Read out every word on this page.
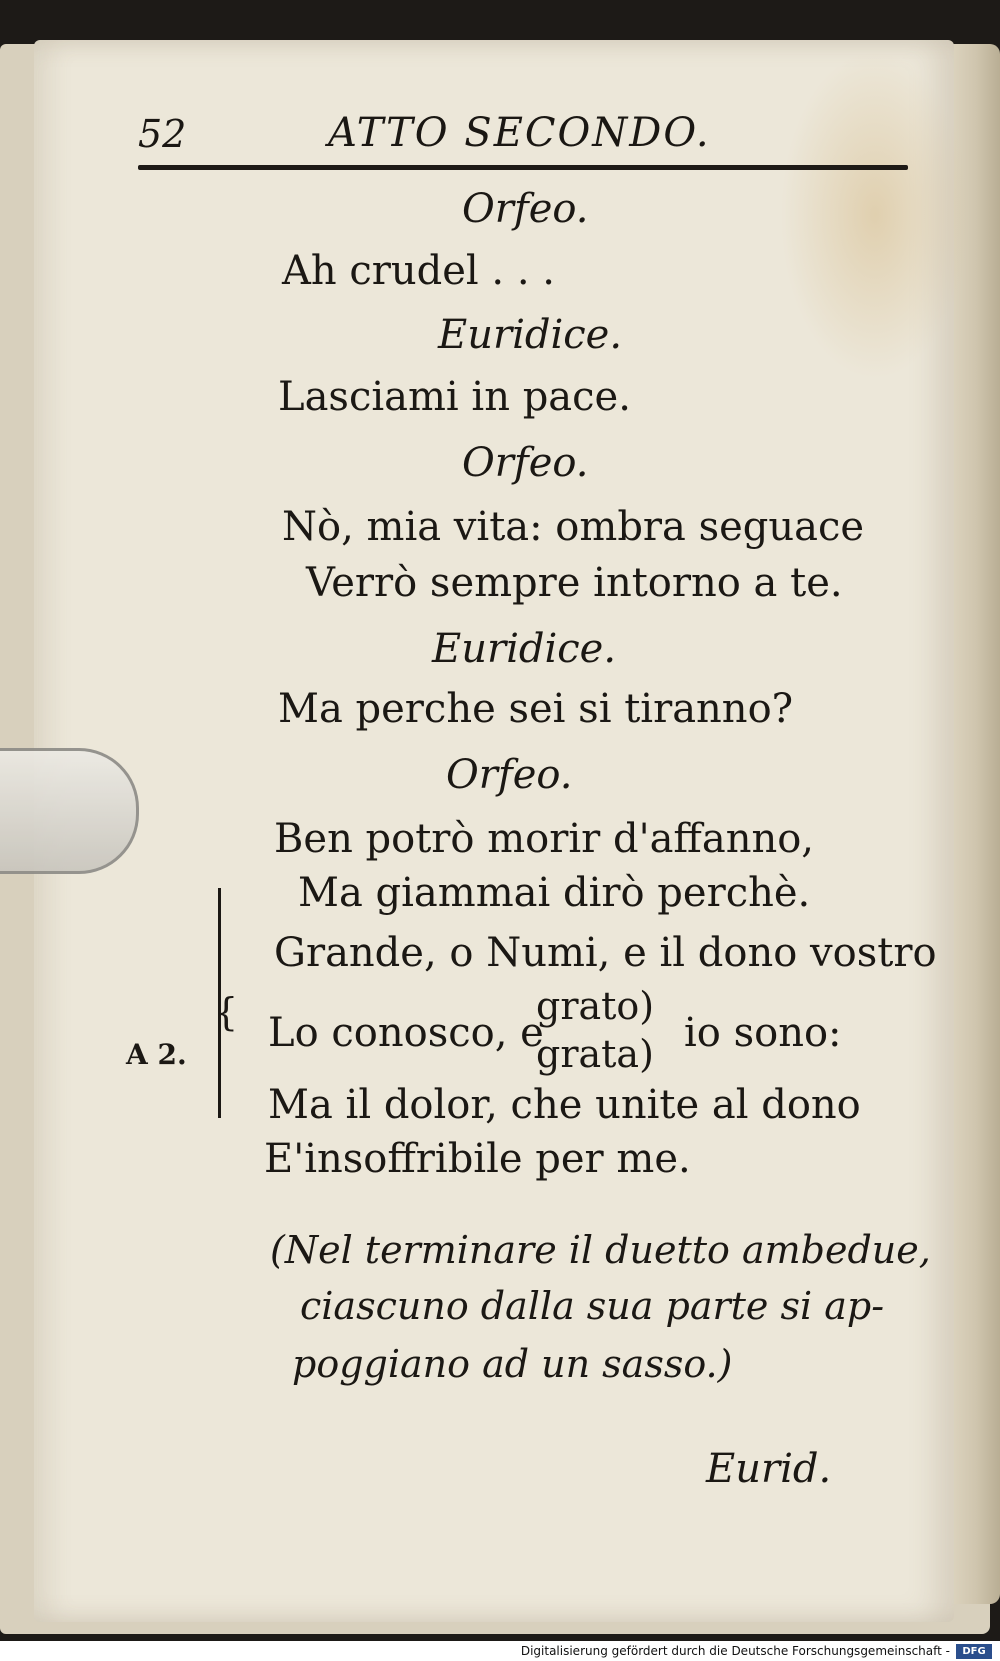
52	ATTO SECONDO.
Orfeo.
Ah crudel . . .
Euridice.
Lasciami in pace.
Orfeo.
Nò, mia vita: ombra seguace
Verrò sempre intorno a te.
Euridice.
Ma perche sei si tiranno?
Orfeo.
Ben potrò morir d'affanno,
Ma giammai dirò perchè.
A 2.
{
Grande, o Numi, e il dono vostro
Lo conosco, e
grato)
grata) io sono:
Ma il dolor, che unite al dono
E'insoffribile per me.
(Nel terminare il duetto ambedue,
ciascuno dalla sua parte si ap-
poggiano ad un sasso.)
Eurid.
Digitalisierung gefördert durch die Deutsche Forschungsgemeinschaft -	DFG
